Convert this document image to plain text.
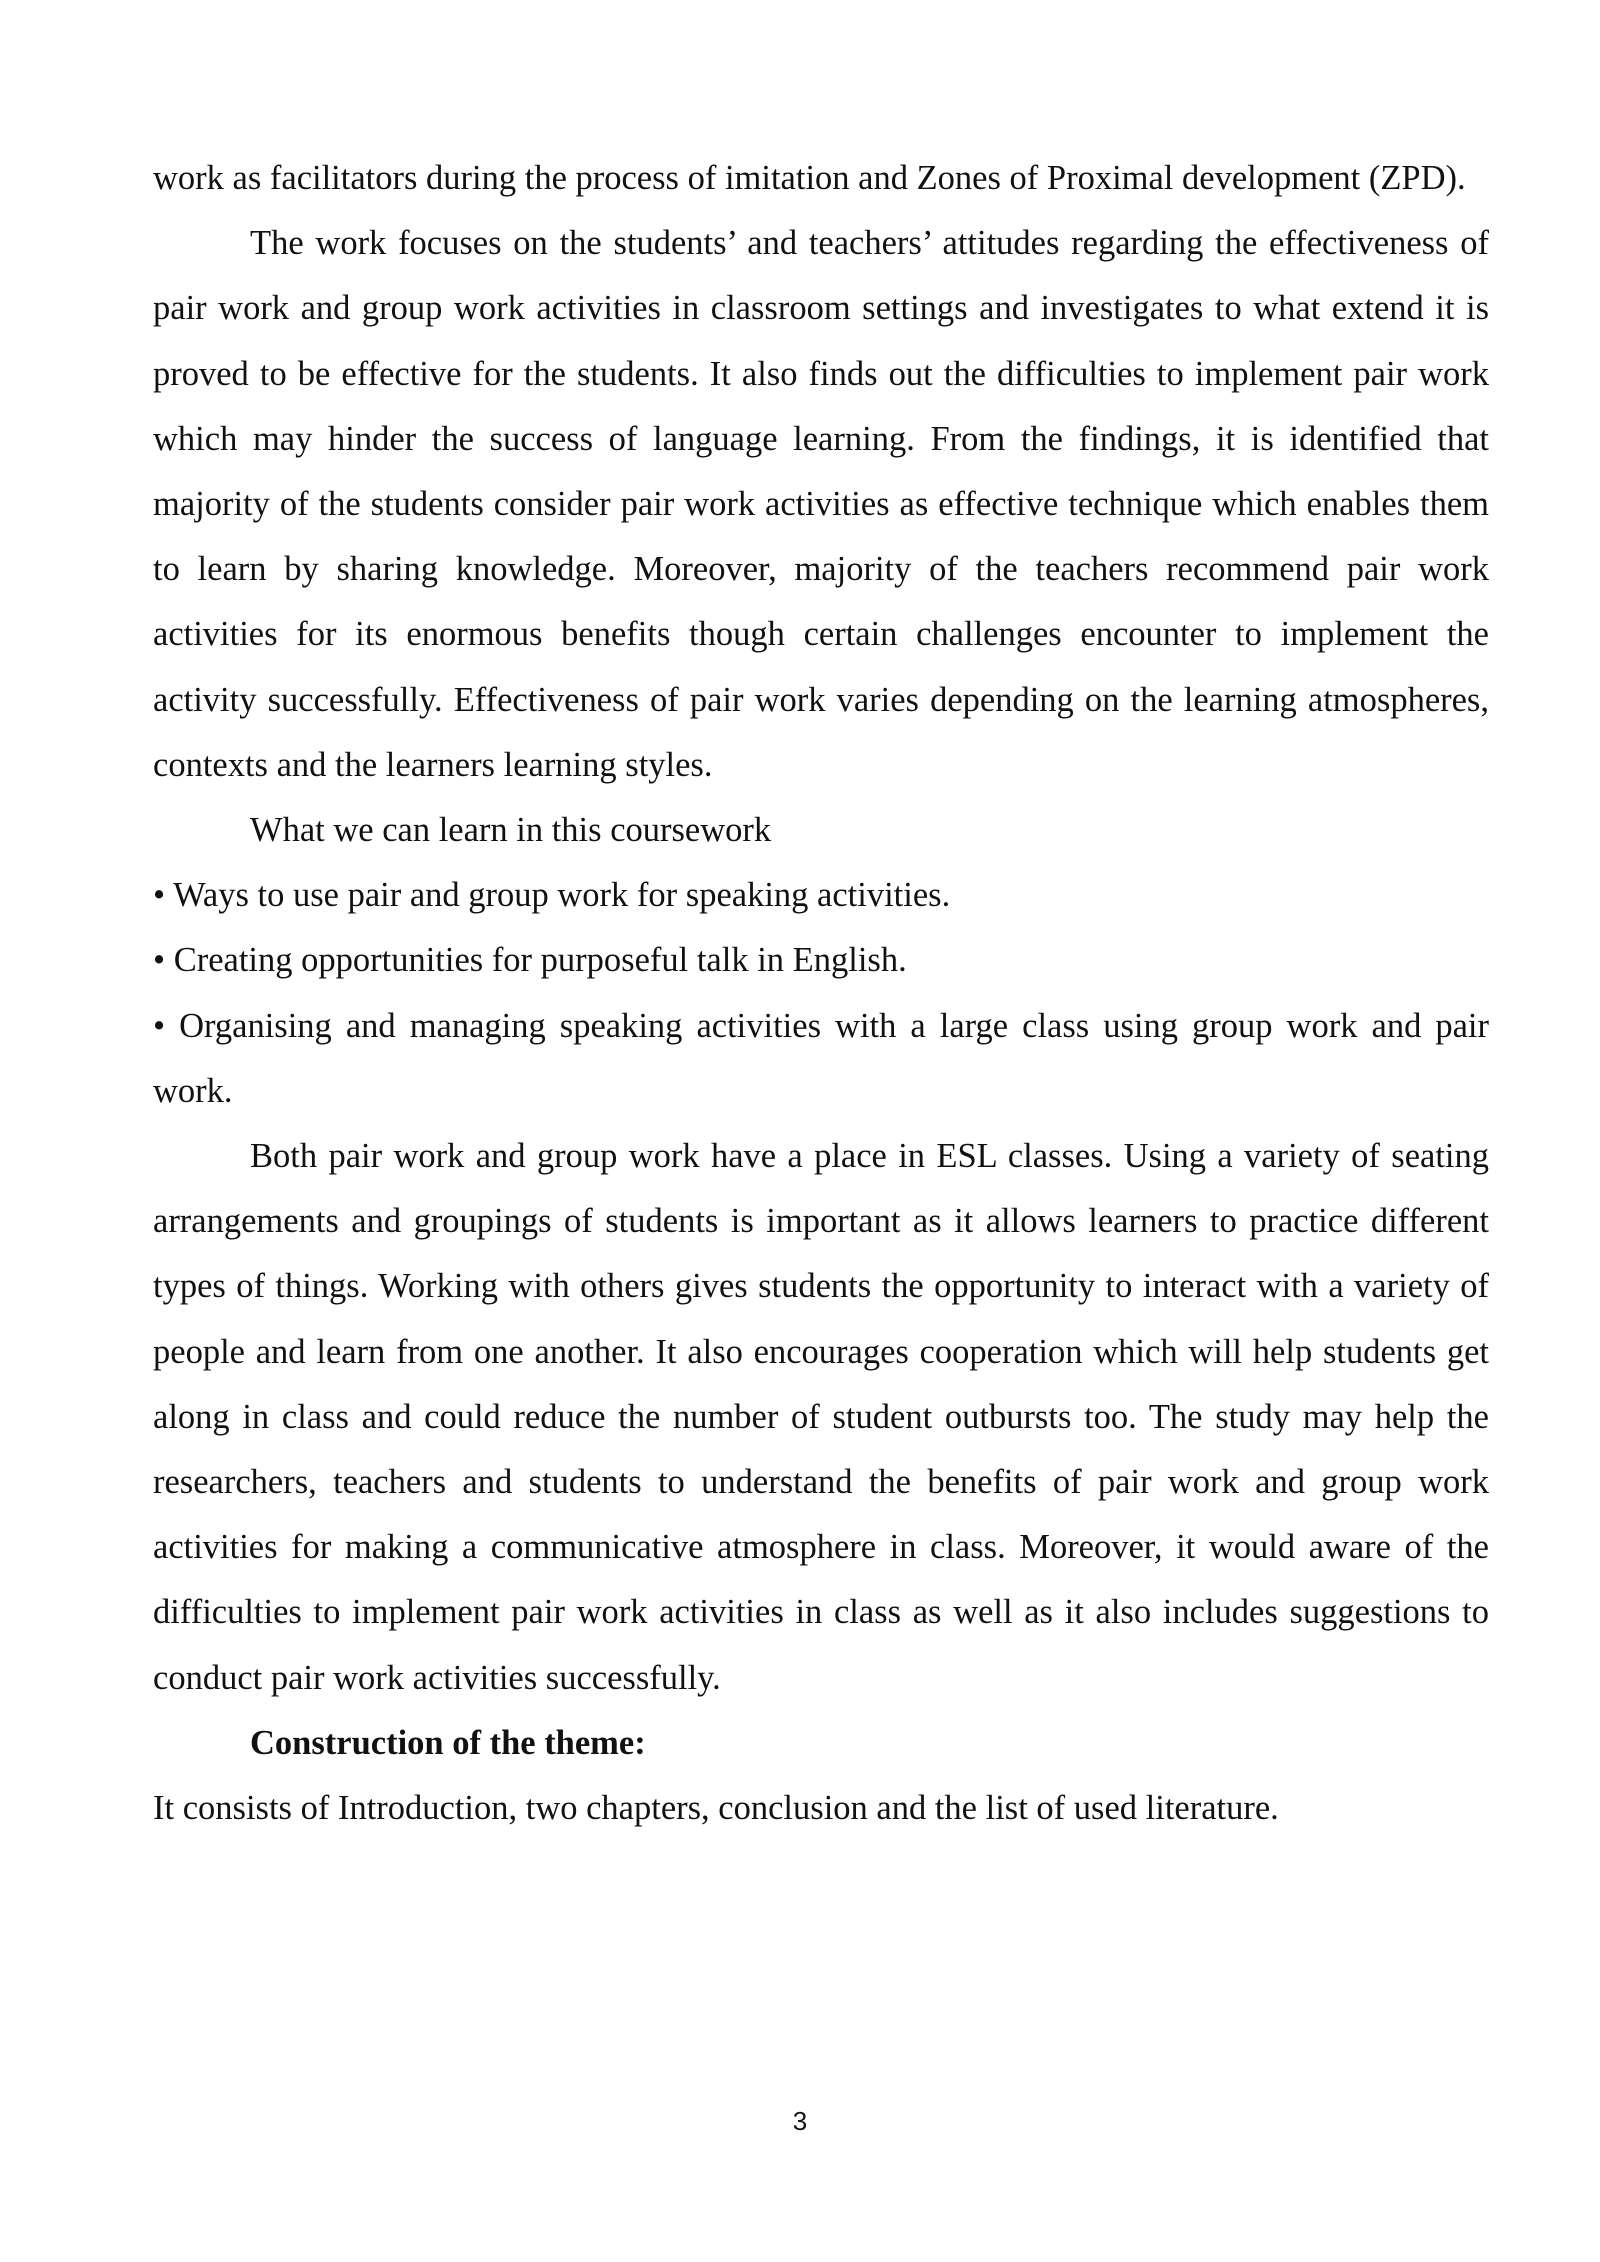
work as facilitators during the process of imitation and Zones of Proximal development (ZPD).

The work focuses on the students’ and teachers’ attitudes regarding the effectiveness of pair work and group work activities in classroom settings and investigates to what extend it is proved to be effective for the students. It also finds out the difficulties to implement pair work which may hinder the success of language learning. From the findings, it is identified that majority of the students consider pair work activities as effective technique which enables them to learn by sharing knowledge. Moreover, majority of the teachers recommend pair work activities for its enormous benefits though certain challenges encounter to implement the activity successfully. Effectiveness of pair work varies depending on the learning atmospheres, contexts and the learners learning styles.

What we can learn in this coursework

• Ways to use pair and group work for speaking activities.

• Creating opportunities for purposeful talk in English.

• Organising and managing speaking activities with a large class using group work and pair work.

Both pair work and group work have a place in ESL classes. Using a variety of seating arrangements and groupings of students is important as it allows learners to practice different types of things. Working with others gives students the opportunity to interact with a variety of people and learn from one another. It also encourages cooperation which will help students get along in class and could reduce the number of student outbursts too. The study may help the researchers, teachers and students to understand the benefits of pair work and group work activities for making a communicative atmosphere in class. Moreover, it would aware of the difficulties to implement pair work activities in class as well as it also includes suggestions to conduct pair work activities successfully.

Construction of the theme:

It consists of Introduction, two chapters, conclusion and the list of used literature.

3
